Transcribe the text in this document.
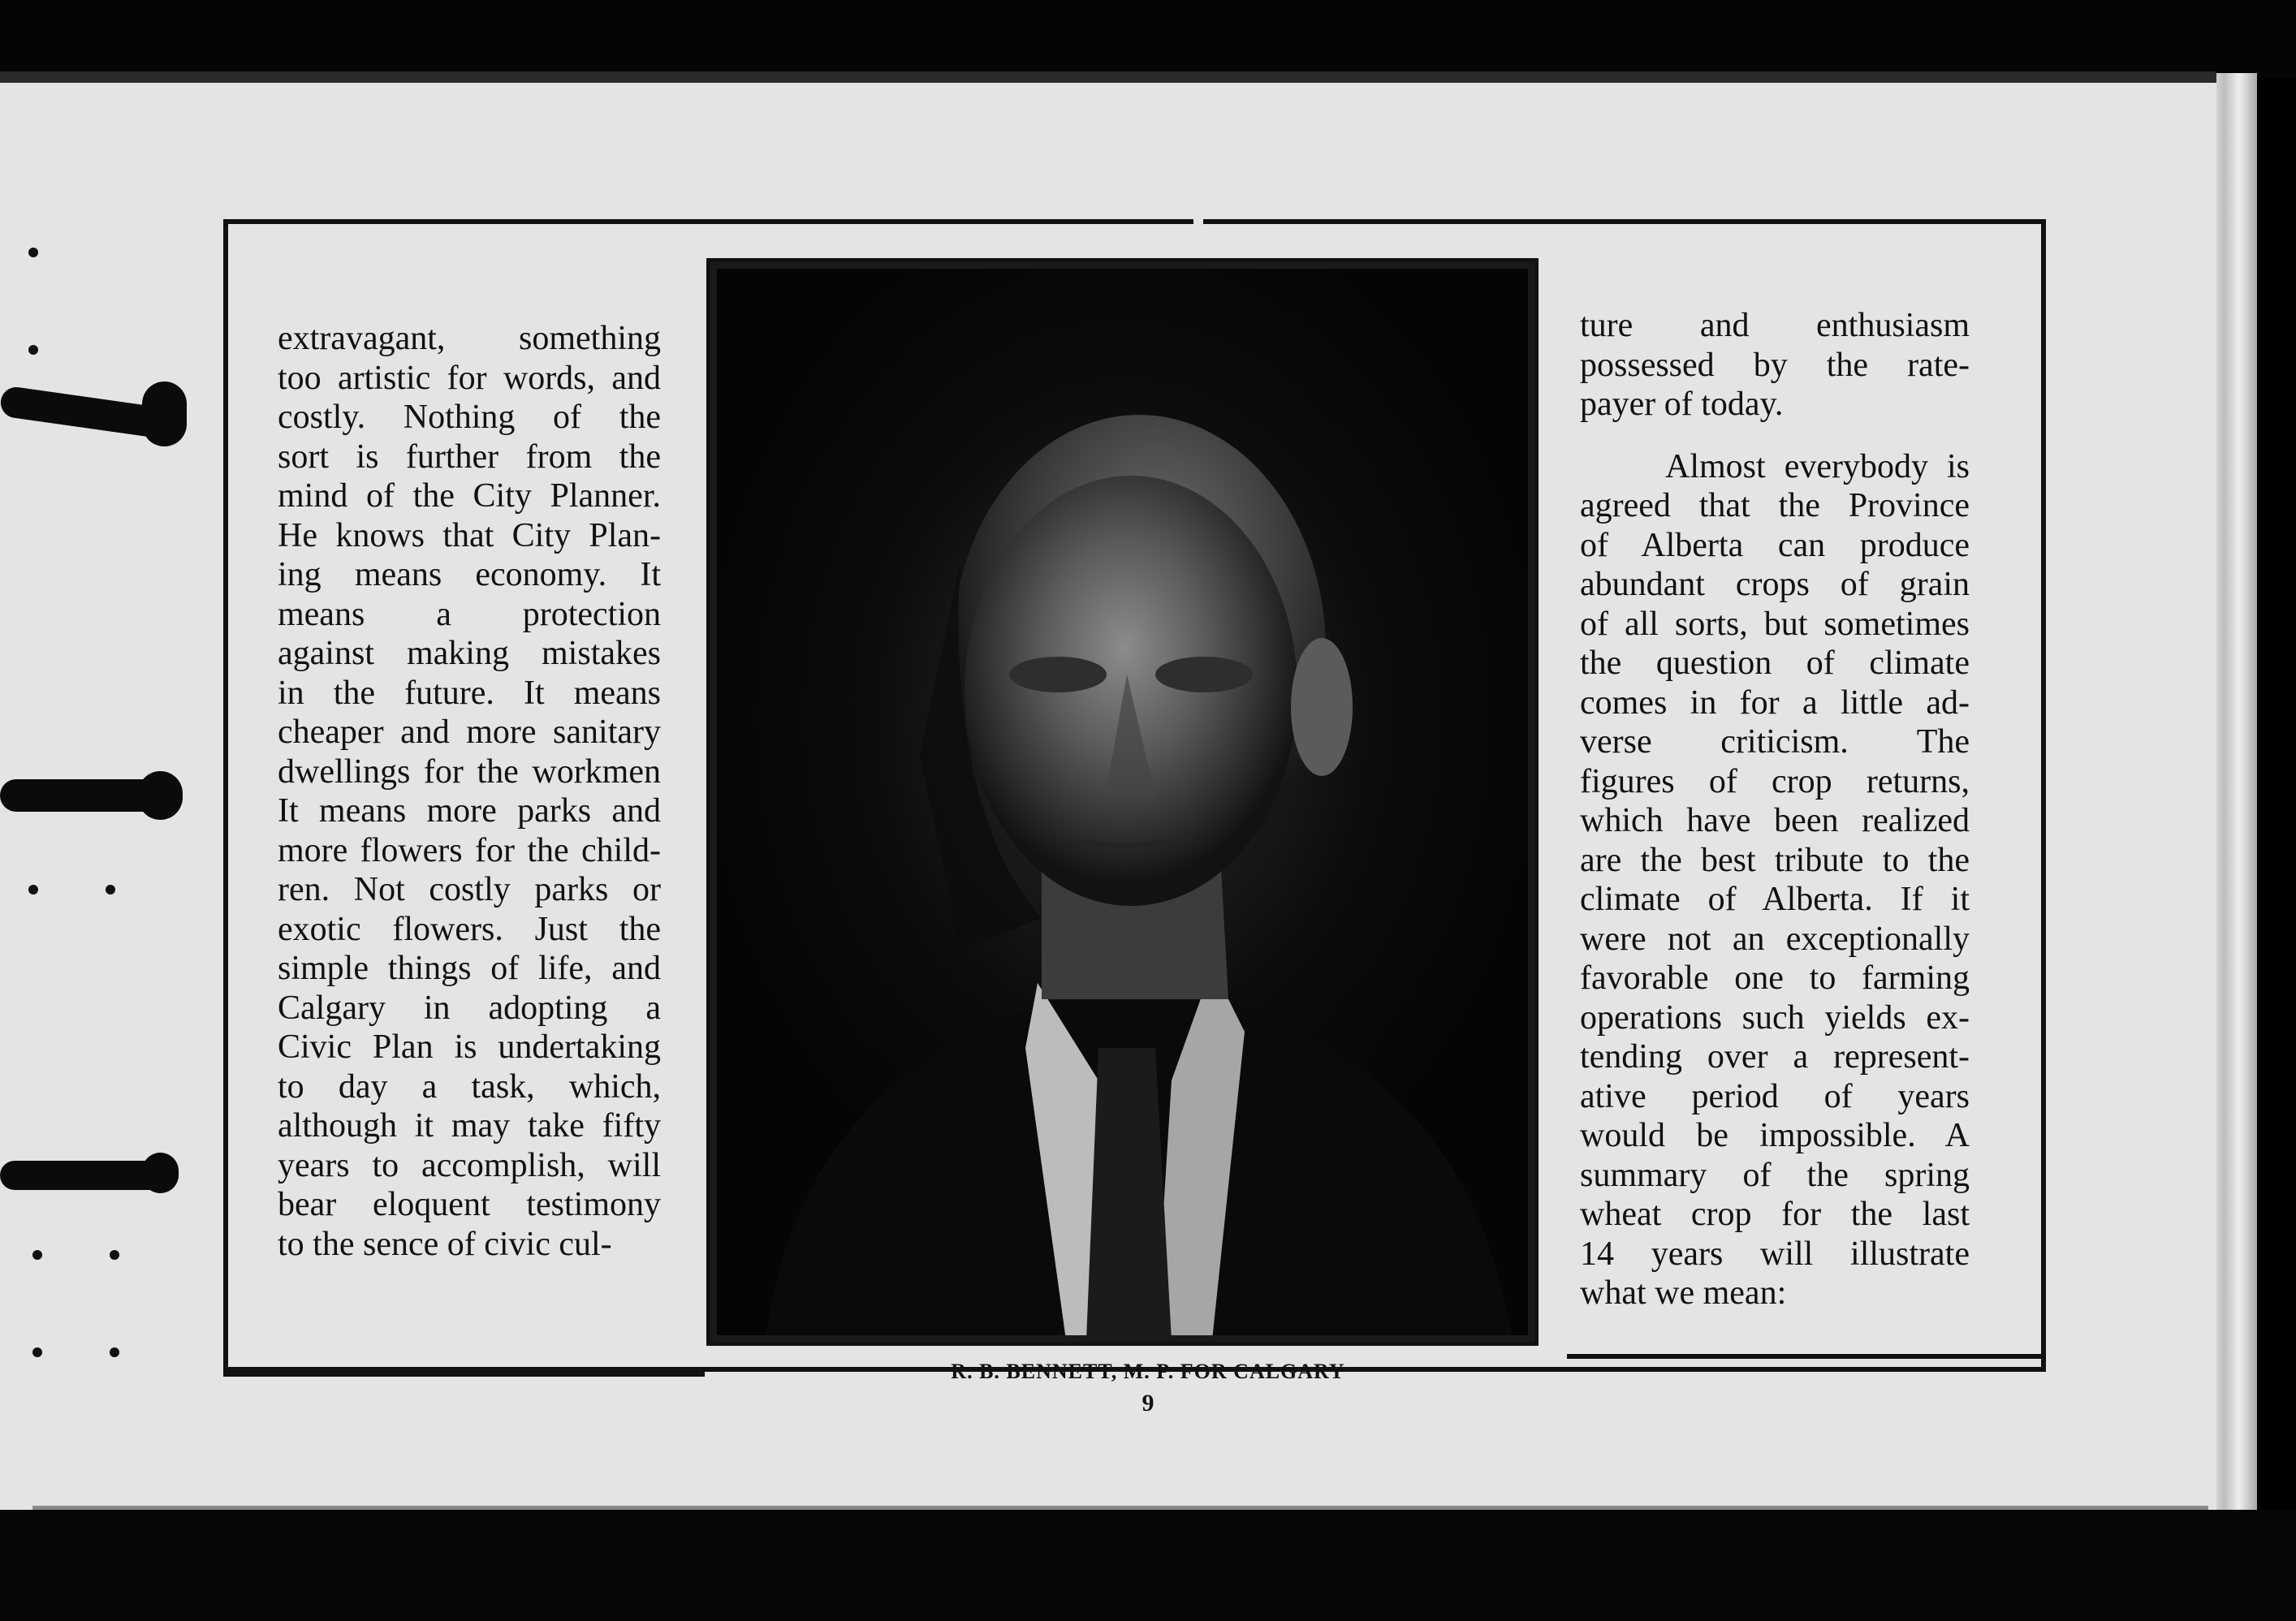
extravagant, something
too artistic for words, and
costly. Nothing of the
sort is further from the
mind of the City Planner.
He knows that City Plan-
ing means economy. It
means a protection
against making mistakes
in the future. It means
cheaper and more sanitary
dwellings for the workmen
It means more parks and
more flowers for the child-
ren. Not costly parks or
exotic flowers. Just the
simple things of life, and
Calgary in adopting a
Civic Plan is undertaking
to day a task, which,
although it may take fifty
years to accomplish, will
bear eloquent testimony
to the sence of civic cul-
ture and enthusiasm
possessed by the rate-
payer of today.
Almost everybody is
agreed that the Province
of Alberta can produce
abundant crops of grain
of all sorts, but sometimes
the question of climate
comes in for a little ad-
verse criticism. The
figures of crop returns,
which have been realized
are the best tribute to the
climate of Alberta. If it
were not an exceptionally
favorable one to farming
operations such yields ex-
tending over a represent-
ative period of years
would be impossible. A
summary of the spring
wheat crop for the last
14 years will illustrate
what we mean:
R. B. BENNETT, M. P. FOR CALGARY
9
